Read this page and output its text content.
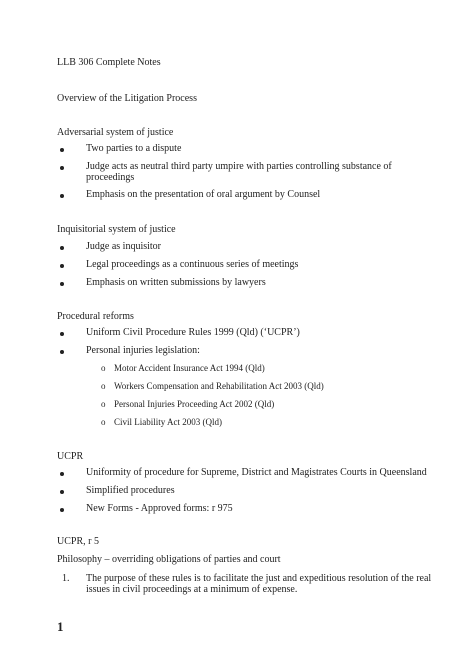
LLB 306 Complete Notes
Overview of the Litigation Process
Adversarial system of justice
Two parties to a dispute
Judge acts as neutral third party umpire with parties controlling substance of
proceedings
Emphasis on the presentation of oral argument by Counsel
Inquisitorial system of justice
Judge as inquisitor
Legal proceedings as a continuous series of meetings
Emphasis on written submissions by lawyers
Procedural reforms
Uniform Civil Procedure Rules 1999 (Qld) (‘UCPR’)
Personal injuries legislation:
o Motor Accident Insurance Act 1994 (Qld)
o Workers Compensation and Rehabilitation Act 2003 (Qld)
o Personal Injuries Proceeding Act 2002 (Qld)
o Civil Liability Act 2003 (Qld)
UCPR
Uniformity of procedure for Supreme, District and Magistrates Courts in Queensland
Simplified procedures
New Forms - Approved forms: r 975
UCPR, r 5
Philosophy – overriding obligations of parties and court
1. The purpose of these rules is to facilitate the just and expeditious resolution of the real
issues in civil proceedings at a minimum of expense.
1
